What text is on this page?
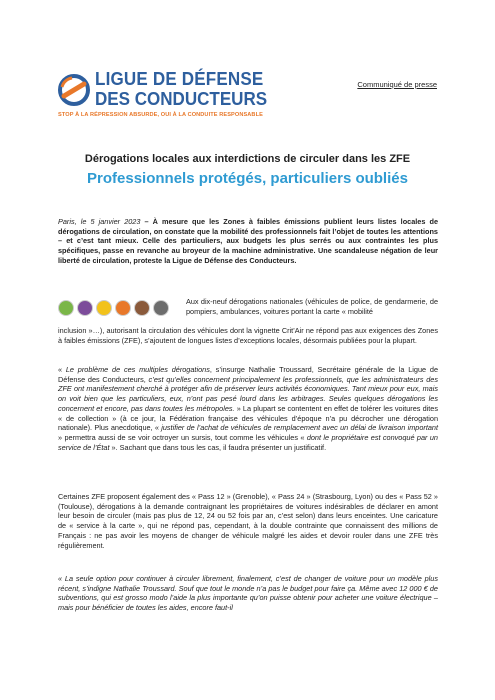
LIGUE DE DÉFENSE
DES CONDUCTEURS
STOP À LA RÉPRESSION ABSURDE, OUI À LA CONDUITE RESPONSABLE
Communiqué de presse
Dérogations locales aux interdictions de circuler dans les ZFE
Professionnels protégés, particuliers oubliés
Paris, le 5 janvier 2023 – À mesure que les Zones à faibles émissions publient leurs listes locales de dérogations de circulation, on constate que la mobilité des professionnels fait l’objet de toutes les attentions – et c’est tant mieux. Celle des particuliers, aux budgets les plus serrés ou aux contraintes les plus spécifiques, passe en revanche au broyeur de la machine administrative. Une scandaleuse négation de leur liberté de circulation, proteste la Ligue de Défense des Conducteurs.
Aux dix-neuf dérogations nationales (véhicules de police, de gendarmerie, de pompiers, ambulances, voitures portant la carte « mobilité
inclusion »…), autorisant la circulation des véhicules dont la vignette Crit’Air ne répond pas aux exigences des Zones à faibles émissions (ZFE), s’ajoutent de longues listes d’exceptions locales, désormais publiées pour la plupart.
« Le problème de ces multiples dérogations, s’insurge Nathalie Troussard, Secrétaire générale de la Ligue de Défense des Conducteurs, c’est qu’elles concernent principalement les professionnels, que les administrateurs des ZFE ont manifestement cherché à protéger afin de préserver leurs activités économiques. Tant mieux pour eux, mais on voit bien que les particuliers, eux, n’ont pas pesé lourd dans les arbitrages. Seules quelques dérogations les concernent et encore, pas dans toutes les métropoles. » La plupart se contentent en effet de tolérer les voitures dites « de collection » (à ce jour, la Fédération française des véhicules d’époque n’a pu décrocher une dérogation nationale). Plus anecdotique, « justifier de l’achat de véhicules de remplacement avec un délai de livraison important » permettra aussi de se voir octroyer un sursis, tout comme les véhicules « dont le propriétaire est convoqué par un service de l’État ». Sachant que dans tous les cas, il faudra présenter un justificatif.
Certaines ZFE proposent également des « Pass 12 » (Grenoble), « Pass 24 » (Strasbourg, Lyon) ou des « Pass 52 » (Toulouse), dérogations à la demande contraignant les propriétaires de voitures indésirables de déclarer en amont leur besoin de circuler (mais pas plus de 12, 24 ou 52 fois par an, c’est selon) dans leurs enceintes. Une caricature de « service à la carte », qui ne répond pas, cependant, à la double contrainte que connaissent des millions de Français : ne pas avoir les moyens de changer de véhicule malgré les aides et devoir rouler dans une ZFE très régulièrement.
« La seule option pour continuer à circuler librement, finalement, c’est de changer de voiture pour un modèle plus récent, s’indigne Nathalie Troussard. Souf que tout le monde n’a pas le budget pour faire ça. Même avec 12 000 € de subventions, qui est grosso modo l’aide la plus importante qu’on puisse obtenir pour acheter une voiture électrique – mais pour bénéficier de toutes les aides, encore faut-il
